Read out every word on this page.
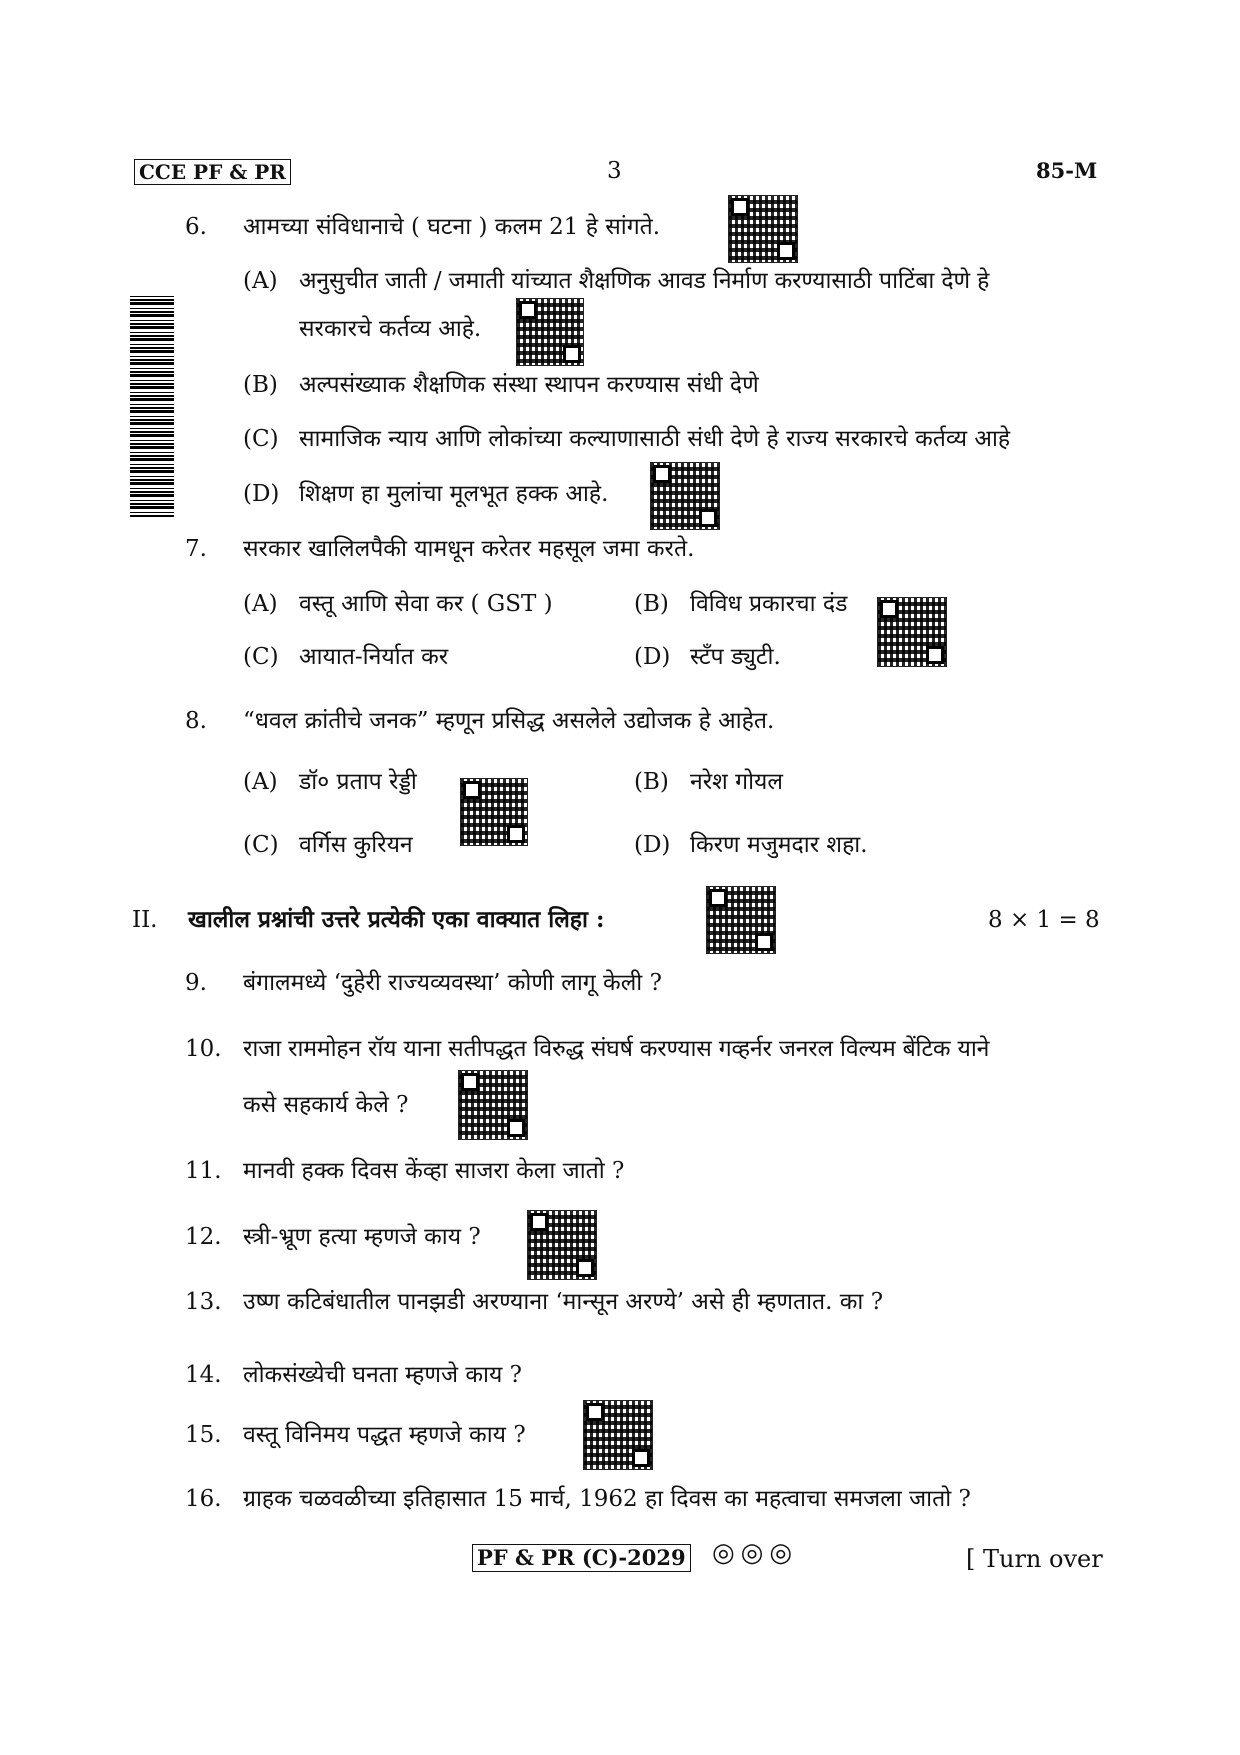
CCE PF & PR	3	85-M
6. आमच्या संविधानाचे ( घटना ) कलम 21 हे सांगते.
(A) अनुसुचीत जाती / जमाती यांच्यात शैक्षणिक आवड निर्माण करण्यासाठी पाटिंबा देणे हे
सरकारचे कर्तव्य आहे.
(B) अल्पसंख्याक शैक्षणिक संस्था स्थापन करण्यास संधी देणे
(C) सामाजिक न्याय आणि लोकांच्या कल्याणासाठी संधी देणे हे राज्य सरकारचे कर्तव्य आहे
(D) शिक्षण हा मुलांचा मूलभूत हक्क आहे.
7. सरकार खालिलपैकी यामधून करेतर महसूल जमा करते.
(A) वस्तू आणि सेवा कर ( GST )	(B) विविध प्रकारचा दंड
(C) आयात-निर्यात कर	(D) स्टँप ड्युटी.
8. “धवल क्रांतीचे जनक” म्हणून प्रसिद्ध असलेले उद्योजक हे आहेत.
(A) डॉ० प्रताप रेड्डी	(B) नरेश गोयल
(C) वर्गिस कुरियन	(D) किरण मजुमदार शहा.
II. खालील प्रश्नांची उत्तरे प्रत्येकी एका वाक्यात लिहा :	8 × 1 = 8
9. बंगालमध्ये ‘दुहेरी राज्यव्यवस्था’ कोणी लागू केली ?
10. राजा राममोहन रॉय याना सतीपद्धत विरुद्ध संघर्ष करण्यास गव्हर्नर जनरल विल्यम बेंटिक याने
कसे सहकार्य केले ?
11. मानवी हक्क दिवस केंव्हा साजरा केला जातो ?
12. स्त्री-भ्रूण हत्या म्हणजे काय ?
13. उष्ण कटिबंधातील पानझडी अरण्याना ‘मान्सून अरण्ये’ असे ही म्हणतात. का ?
14. लोकसंख्येची घनता म्हणजे काय ?
15. वस्तू विनिमय पद्धत म्हणजे काय ?
16. ग्राहक चळवळीच्या इतिहासात 15 मार्च, 1962 हा दिवस का महत्वाचा समजला जातो ?
PF & PR (C)-2029 ◎◎◎	[ Turn over
